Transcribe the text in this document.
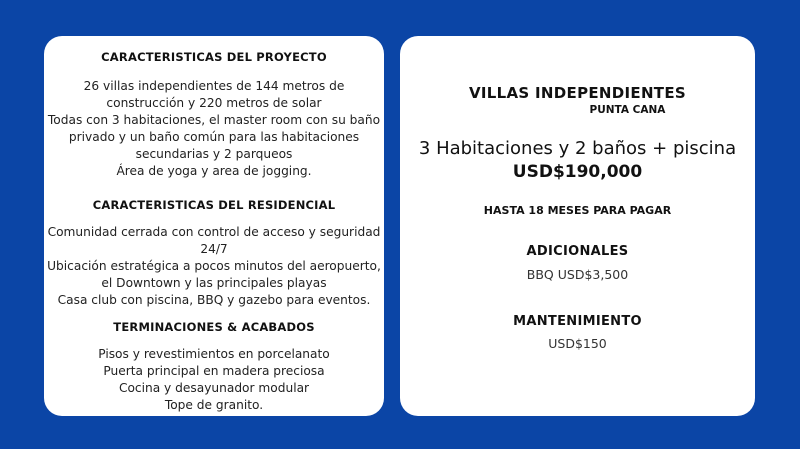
CARACTERISTICAS DEL PROYECTO
26 villas independientes de 144 metros de
construcción y 220 metros de solar
Todas con 3 habitaciones, el master room con su baño
privado y un baño común para las habitaciones
secundarias y 2 parqueos
Área de yoga y area de jogging.
CARACTERISTICAS DEL RESIDENCIAL
Comunidad cerrada con control de acceso y seguridad
24/7
Ubicación estratégica a pocos minutos del aeropuerto,
el Downtown y las principales playas
Casa club con piscina, BBQ y gazebo para eventos.
TERMINACIONES & ACABADOS
Pisos y revestimientos en porcelanato
Puerta principal en madera preciosa
Cocina y desayunador modular
Tope de granito.
VILLAS INDEPENDIENTES
PUNTA CANA
3 Habitaciones y 2 baños + piscina
USD$190,000
HASTA 18 MESES PARA PAGAR
ADICIONALES
BBQ USD$3,500
MANTENIMIENTO
USD$150
